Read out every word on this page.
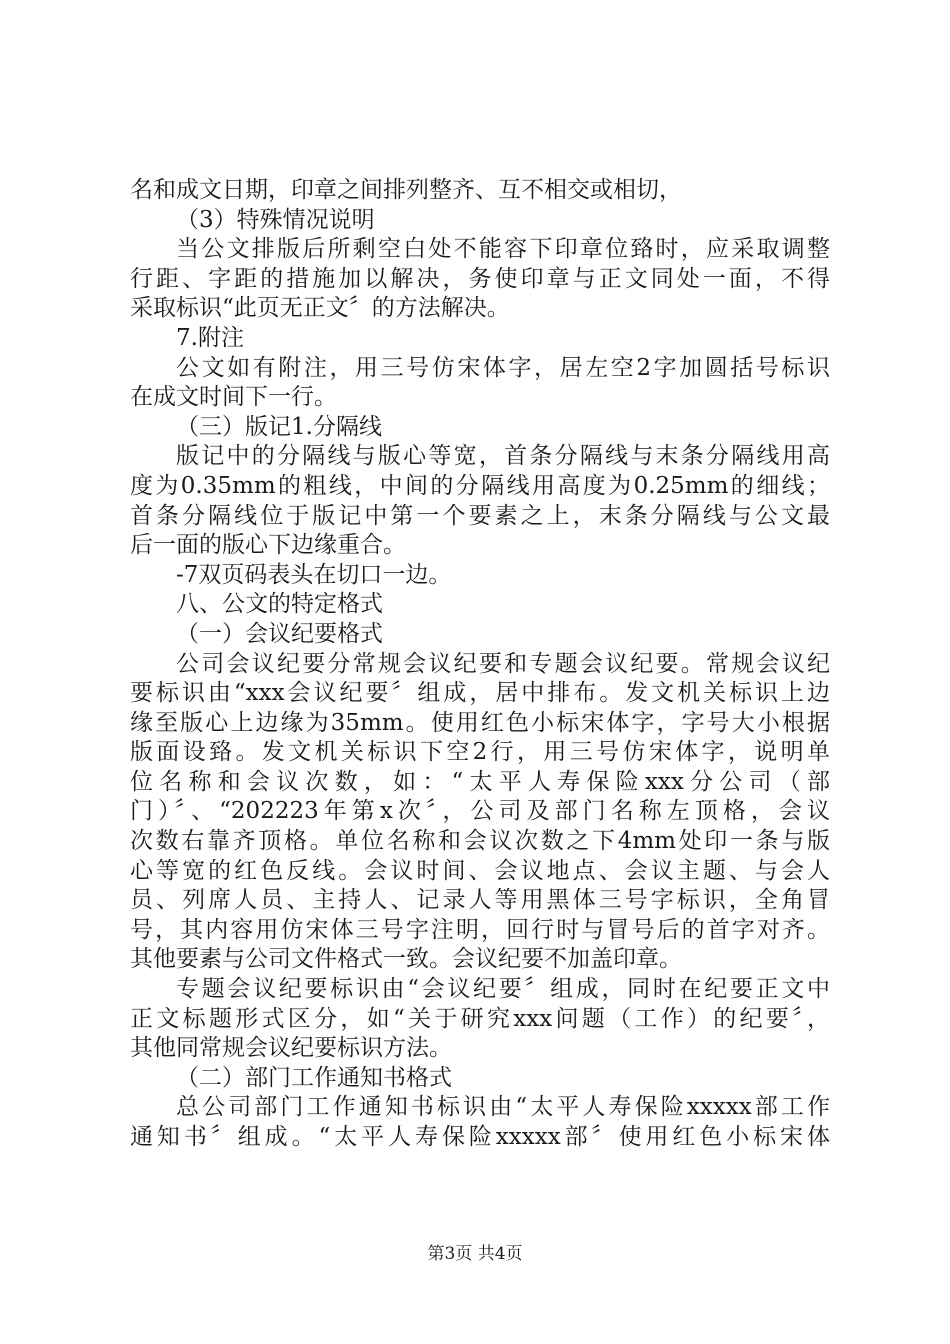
名和成文日期，印章之间排列整齐、互不相交或相切，
（3）特殊情况说明
当公文排版后所剩空白处不能容下印章位臵时，应采取调整
行距、字距的措施加以解决，务使印章与正文同处一面，不得
采取标识“此页无正文〞的方法解决。
7.附注
公文如有附注，用三号仿宋体字，居左空2字加圆括号标识
在成文时间下一行。
（三）版记1.分隔线
版记中的分隔线与版心等宽，首条分隔线与末条分隔线用高
度为0.35mm的粗线，中间的分隔线用高度为0.25mm的细线；
首条分隔线位于版记中第一个要素之上，末条分隔线与公文最
后一面的版心下边缘重合。
-7双页码表头在切口一边。
八、公文的特定格式
（一）会议纪要格式
公司会议纪要分常规会议纪要和专题会议纪要。常规会议纪
要标识由“xxx会议纪要〞组成，居中排布。发文机关标识上边
缘至版心上边缘为35mm。使用红色小标宋体字，字号大小根据
版面设臵。发文机关标识下空2行，用三号仿宋体字，说明单
位名称和会议次数，如：“太平人寿保险xxx分公司（部
门）〞、“202223年第x次〞，公司及部门名称左顶格，会议
次数右靠齐顶格。单位名称和会议次数之下4mm处印一条与版
心等宽的红色反线。会议时间、会议地点、会议主题、与会人
员、列席人员、主持人、记录人等用黑体三号字标识，全角冒
号，其内容用仿宋体三号字注明，回行时与冒号后的首字对齐。
其他要素与公司文件格式一致。会议纪要不加盖印章。
专题会议纪要标识由“会议纪要〞组成，同时在纪要正文中
正文标题形式区分，如“关于研究xxx问题（工作）的纪要〞，
其他同常规会议纪要标识方法。
（二）部门工作通知书格式
总公司部门工作通知书标识由“太平人寿保险xxxxx部工作
通知书〞组成。“太平人寿保险xxxxx部〞使用红色小标宋体
第3页 共4页
